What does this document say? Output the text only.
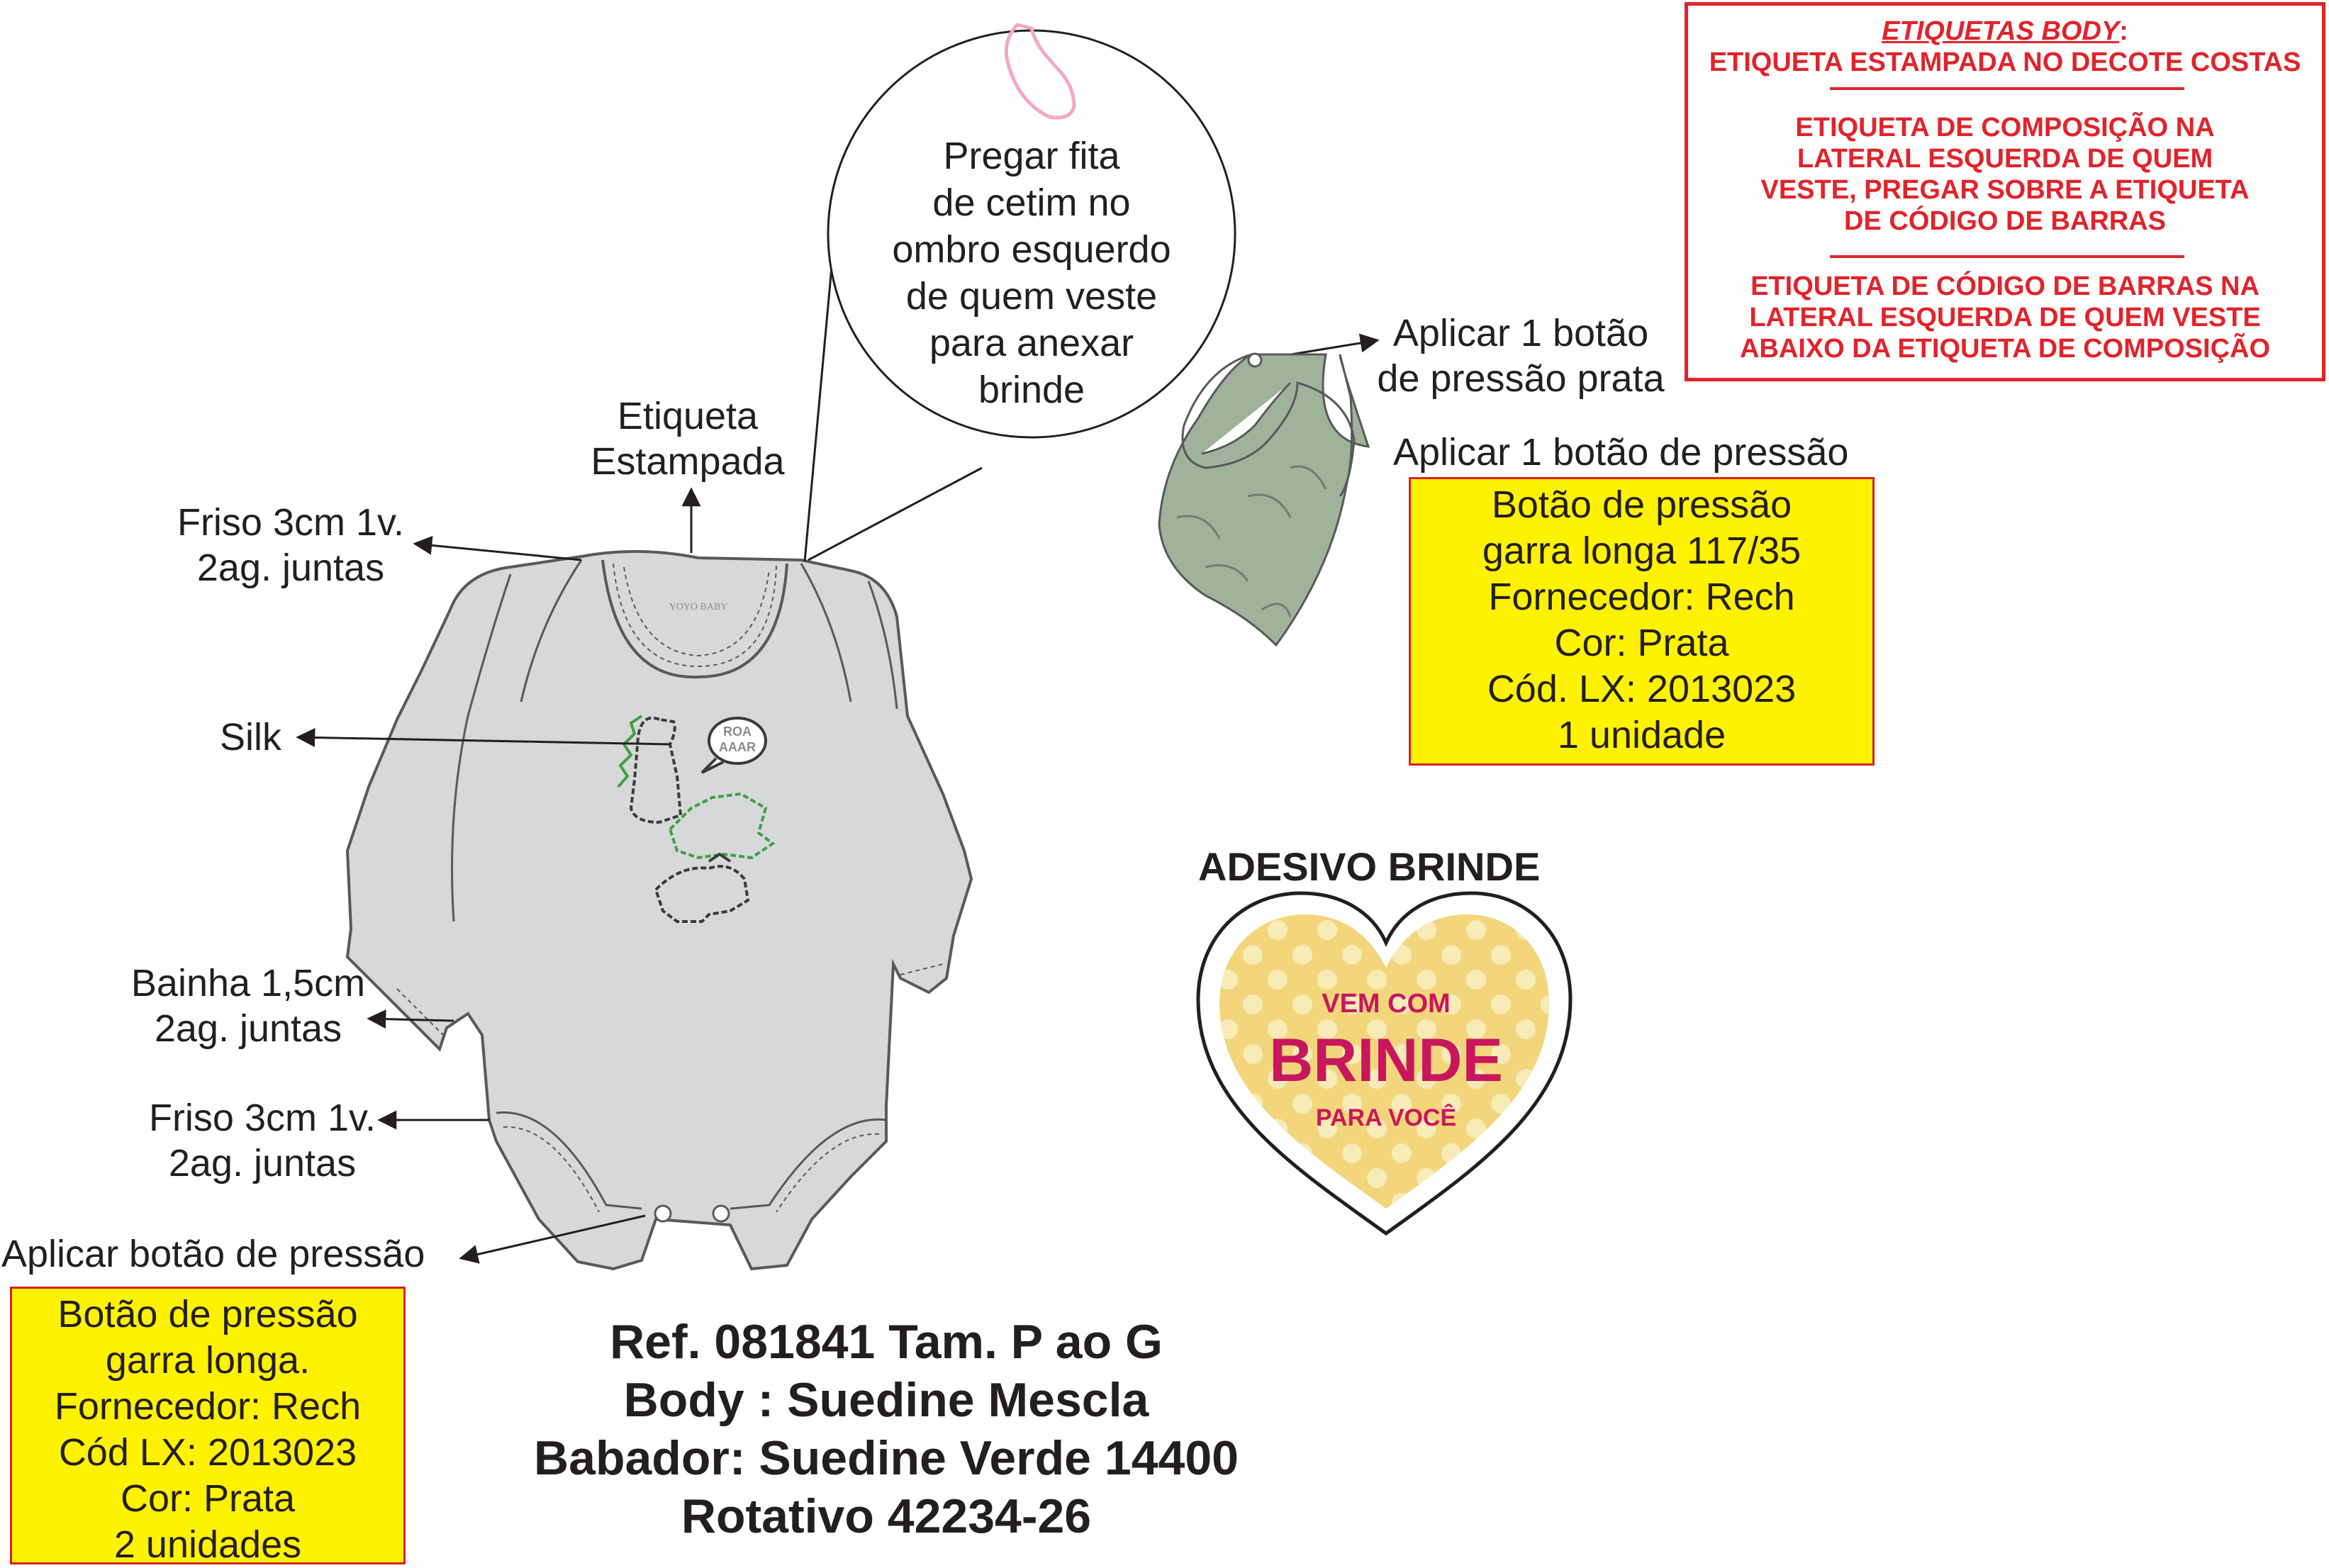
YOYO BABY
ROA
AAAR
VEM COM
BRINDE
PARA VOCÊ
Etiqueta
Estampada
Friso 3cm 1v.
2ag. juntas
Silk
Bainha 1,5cm
2ag. juntas
Friso 3cm 1v.
2ag. juntas
Aplicar botão de pressão
Botão de pressão
garra longa.
Fornecedor: Rech
Cód LX: 2013023
Cor: Prata
2 unidades
Pregar fita
de cetim no
ombro esquerdo
de quem veste
para anexar
brinde
Aplicar 1 botão
de pressão prata
Aplicar 1 botão de pressão
Botão de pressão
garra longa 117/35
Fornecedor: Rech
Cor: Prata
Cód. LX: 2013023
1 unidade
ADESIVO BRINDE
ETIQUETAS BODY:
ETIQUETA ESTAMPADA NO DECOTE COSTAS
ETIQUETA DE COMPOSIÇÃO NA
LATERAL ESQUERDA DE QUEM
VESTE, PREGAR SOBRE A ETIQUETA
DE CÓDIGO DE BARRAS
ETIQUETA DE CÓDIGO DE BARRAS NA
LATERAL ESQUERDA DE QUEM VESTE
ABAIXO DA ETIQUETA DE COMPOSIÇÃO
Ref. 081841 Tam. P ao G
Body : Suedine Mescla
Babador: Suedine Verde 14400 Rotativo 42234-26
